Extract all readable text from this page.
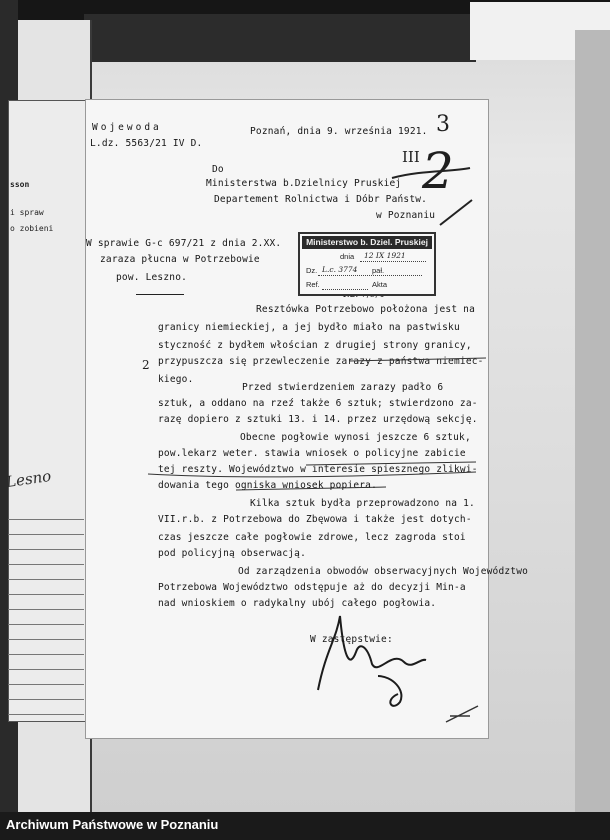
sson
i spraw
o zobieni
Lesno
Wojewoda
L.dz. 5563/21 IV D.
Poznań, dnia 9. września 1921. 3
Do
Ministerstwa b.Dzielnicy Pruskiej
Departement Rolnictwa i Dóbr Państw.
w Poznaniu
III 2
W sprawie G-c 697/21 z dnia 2.XX.
zarazа płucnа w Potrzebowie
pow. Leszno.
2
Resztówka Potrzebowo położona jest na
granicy niemieckiej, a jej bydło miało na pastwisku
styczność z bydłem włościan z drugiej strony granicy,
przypuszcza się przewleczenie zarazy z państwa niemiec-
kiego.
Przed stwierdzeniem zarazy padło 6
sztuk, a oddano na rzeź także 6 sztuk; stwierdzono za-
razę dopiero z sztuki 13. i 14. przez urzędową sekcję.
Obecne pogłowie wynosi jeszcze 6 sztuk,
pow.lekarz weter. stawia wniosek o policyjne zabicie
tej reszty. Województwo w interesie spiesznego zlikwi-
dowania tego ogniska wniosek popiera.
Kilka sztuk bydła przeprowadzono na 1.
VII.r.b. z Potrzebowa do Zbęwowa i także jest dotych-
czas jeszcze całe pogłowie zdrowe, lecz zagroda stoi
pod policyjną obserwacją.
Od zarządzenia obwodów obserwacyjnych Województwo
Potrzebowa Województwo odstępuje aż do decyzji Min-a
nad wnioskiem o radykalny ubój całego pogłowia.
W zastępstwie:
Ministerstwo b. Dziel. Pruskiej
dnia 12 IX 1921
Dz. L.c. 3774 pał.
Ref.	Akta
Archiwum Państwowe w Poznaniu
